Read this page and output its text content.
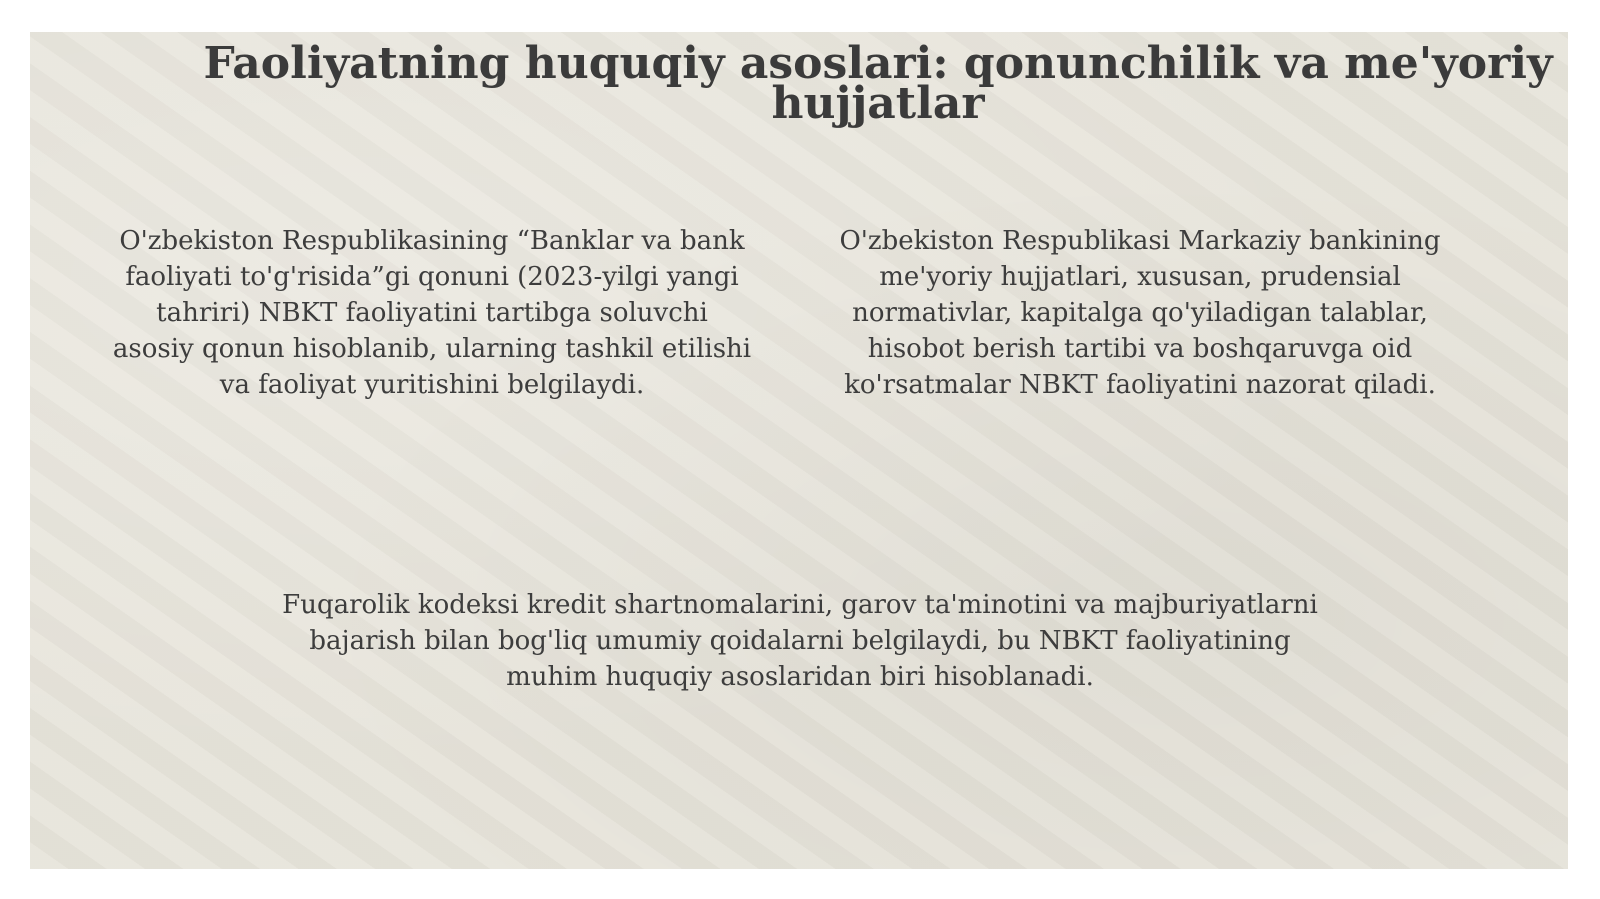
Faoliyatning huquqiy asoslari: qonunchilik va me'yoriy hujjatlar

O'zbekiston Respublikasining “Banklar va bank faoliyati to'g'risida”gi qonuni (2023-yilgi yangi tahriri) NBKT faoliyatini tartibga soluvchi asosiy qonun hisoblanib, ularning tashkil etilishi va faoliyat yuritishini belgilaydi.

O'zbekiston Respublikasi Markaziy bankining me'yoriy hujjatlari, xususan, prudensial normativlar, kapitalga qo'yiladigan talablar, hisobot berish tartibi va boshqaruvga oid ko'rsatmalar NBKT faoliyatini nazorat qiladi.

Fuqarolik kodeksi kredit shartnomalarini, garov ta'minotini va majburiyatlarni bajarish bilan bog'liq umumiy qoidalarni belgilaydi, bu NBKT faoliyatining muhim huquqiy asoslaridan biri hisoblanadi.
